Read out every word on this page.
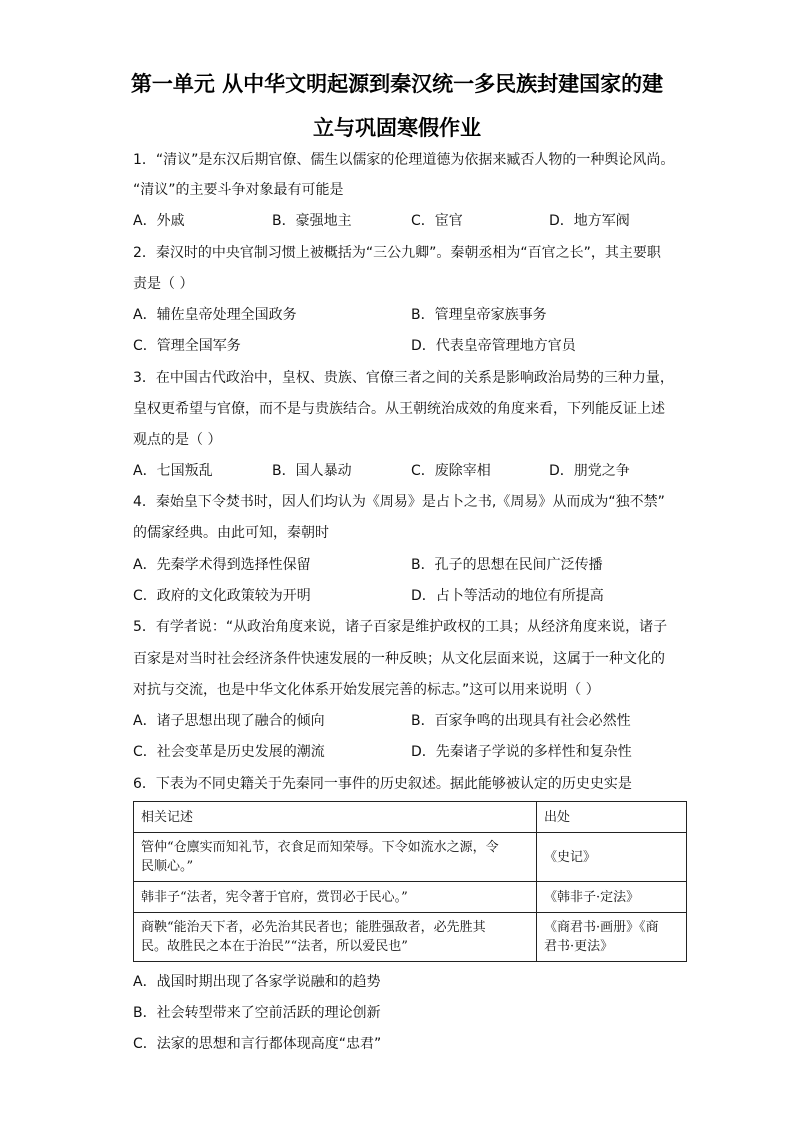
第一单元 从中华文明起源到秦汉统一多民族封建国家的建
立与巩固寒假作业
1．“清议”是东汉后期官僚、儒生以儒家的伦理道德为依据来臧否人物的一种舆论风尚。
“清议”的主要斗争对象最有可能是
A．外戚	B．豪强地主	C．宦官	D．地方军阀
2．秦汉时的中央官制习惯上被概括为“三公九卿”。秦朝丞相为“百官之长”，其主要职
责是（ ）
A．辅佐皇帝处理全国政务	B．管理皇帝家族事务
C．管理全国军务	D．代表皇帝管理地方官员
3．在中国古代政治中，皇权、贵族、官僚三者之间的关系是影响政治局势的三种力量，
皇权更希望与官僚，而不是与贵族结合。从王朝统治成效的角度来看，下列能反证上述
观点的是（ ）
A．七国叛乱	B．国人暴动	C．废除宰相	D．朋党之争
4．秦始皇下令焚书时，因人们均认为《周易》是占卜之书,《周易》从而成为“独不禁”
的儒家经典。由此可知，秦朝时
A．先秦学术得到选择性保留	B．孔子的思想在民间广泛传播
C．政府的文化政策较为开明	D．占卜等活动的地位有所提高
5．有学者说：“从政治角度来说，诸子百家是维护政权的工具；从经济角度来说，诸子
百家是对当时社会经济条件快速发展的一种反映；从文化层面来说，这属于一种文化的
对抗与交流，也是中华文化体系开始发展完善的标志。”这可以用来说明（ ）
A．诸子思想出现了融合的倾向	B．百家争鸣的出现具有社会必然性
C．社会变革是历史发展的潮流	D．先秦诸子学说的多样性和复杂性
6．下表为不同史籍关于先秦同一事件的历史叙述。据此能够被认定的历史史实是
相关记述	出处
管仲“仓廪实而知礼节，衣食足而知荣辱。下令如流水之源，令
民顺心。”	《史记》
韩非子“法者，宪令著于官府，赏罚必于民心。”	《韩非子·定法》
商鞅“能治天下者，必先治其民者也；能胜强敌者，必先胜其
民。故胜民之本在于治民”“法者，所以爱民也”	《商君书·画册》《商
君书·更法》
A．战国时期出现了各家学说融和的趋势
B．社会转型带来了空前活跃的理论创新
C．法家的思想和言行都体现高度“忠君”
